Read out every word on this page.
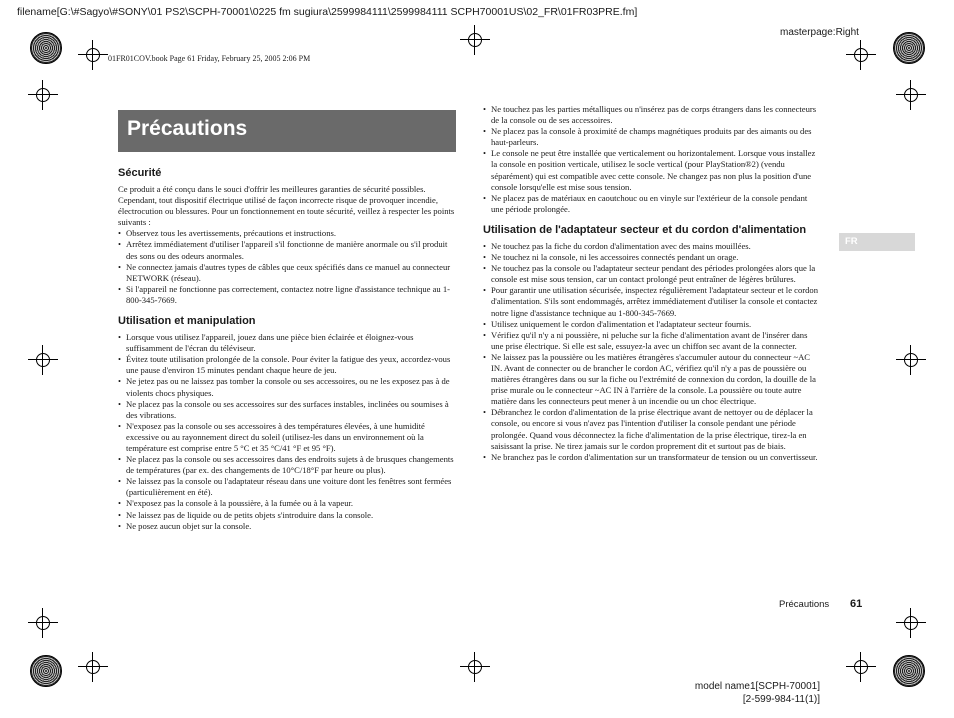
filename[G:\#Sagyo\#SONY\01 PS2\SCPH-70001\0225 fm sugiura\2599984111\2599984111 SCPH70001US\02_FR\01FR03PRE.fm]
masterpage:Right
01FR01COV.book Page 61 Friday, February 25, 2005 2:06 PM
Précautions
Sécurité

Ce produit a été conçu dans le souci d'offrir les meilleures garanties de sécurité possibles. Cependant, tout dispositif électrique utilisé de façon incorrecte risque de provoquer incendie, électrocution ou blessures. Pour un fonctionnement en toute sécurité, veillez à respecter les points suivants :

• Observez tous les avertissements, précautions et instructions.
• Arrêtez immédiatement d'utiliser l'appareil s'il fonctionne de manière anormale ou s'il produit des sons ou des odeurs anormales.
• Ne connectez jamais d'autres types de câbles que ceux spécifiés dans ce manuel au connecteur NETWORK (réseau).
• Si l'appareil ne fonctionne pas correctement, contactez notre ligne d'assistance technique au 1-800-345-7669.
Utilisation et manipulation
• Lorsque vous utilisez l'appareil, jouez dans une pièce bien éclairée et éloignez-vous suffisamment de l'écran du téléviseur.
• Évitez toute utilisation prolongée de la console. Pour éviter la fatigue des yeux, accordez-vous une pause d'environ 15 minutes pendant chaque heure de jeu.
• Ne jetez pas ou ne laissez pas tomber la console ou ses accessoires, ou ne les exposez pas à de violents chocs physiques.
• Ne placez pas la console ou ses accessoires sur des surfaces instables, inclinées ou soumises à des vibrations.
• N'exposez pas la console ou ses accessoires à des températures élevées, à une humidité excessive ou au rayonnement direct du soleil (utilisez-les dans un environnement où la température est comprise entre 5 °C et 35 °C/41 °F et 95 °F).
• Ne placez pas la console ou ses accessoires dans des endroits sujets à de brusques changements de températures (par ex. des changements de 10°C/18°F par heure ou plus).
• Ne laissez pas la console ou l'adaptateur réseau dans une voiture dont les fenêtres sont fermées (particulièrement en été).
• N'exposez pas la console à la poussière, à la fumée ou à la vapeur.
• Ne laissez pas de liquide ou de petits objets s'introduire dans la console.
• Ne posez aucun objet sur la console.
• Ne touchez pas les parties métalliques ou n'insérez pas de corps étrangers dans les connecteurs de la console ou de ses accessoires.
• Ne placez pas la console à proximité de champs magnétiques produits par des aimants ou des haut-parleurs.
• Le console ne peut être installée que verticalement ou horizontalement. Lorsque vous installez la console en position verticale, utilisez le socle vertical (pour PlayStation®2) (vendu séparément) qui est compatible avec cette console. Ne changez pas non plus la position d'une console lorsqu'elle est mise sous tension.
• Ne placez pas de matériaux en caoutchouc ou en vinyle sur l'extérieur de la console pendant une période prolongée.
Utilisation de l'adaptateur secteur et du cordon d'alimentation
• Ne touchez pas la fiche du cordon d'alimentation avec des mains mouillées.
• Ne touchez ni la console, ni les accessoires connectés pendant un orage.
• Ne touchez pas la console ou l'adaptateur secteur pendant des périodes prolongées alors que la console est mise sous tension, car un contact prolongé peut entraîner de légères brûlures.
• Pour garantir une utilisation sécurisée, inspectez régulièrement l'adaptateur secteur et le cordon d'alimentation. S'ils sont endommagés, arrêtez immédiatement d'utiliser la console et contactez notre ligne d'assistance technique au 1-800-345-7669.
• Utilisez uniquement le cordon d'alimentation et l'adaptateur secteur fournis.
• Vérifiez qu'il n'y a ni poussière, ni peluche sur la fiche d'alimentation avant de l'insérer dans une prise électrique. Si elle est sale, essuyez-la avec un chiffon sec avant de la connecter.
• Ne laissez pas la poussière ou les matières étrangères s'accumuler autour du connecteur ~AC IN. Avant de connecter ou de brancher le cordon AC, vérifiez qu'il n'y a pas de poussière ou matières étrangères dans ou sur la fiche ou l'extrémité de connexion du cordon, la douille de la prise murale ou le connecteur ~AC IN à l'arrière de la console. La poussière ou toute autre matière dans les connecteurs peut mener à un incendie ou un choc électrique.
• Débranchez le cordon d'alimentation de la prise électrique avant de nettoyer ou de déplacer la console, ou encore si vous n'avez pas l'intention d'utiliser la console pendant une période prolongée. Quand vous déconnectez la fiche d'alimentation de la prise électrique, tirez-la en saisissant la prise. Ne tirez jamais sur le cordon proprement dit et surtout pas de biais.
• Ne branchez pas le cordon d'alimentation sur un transformateur de tension ou un convertisseur.
FR
Précautions 61
model name1[SCPH-70001]
[2-599-984-11(1)]
